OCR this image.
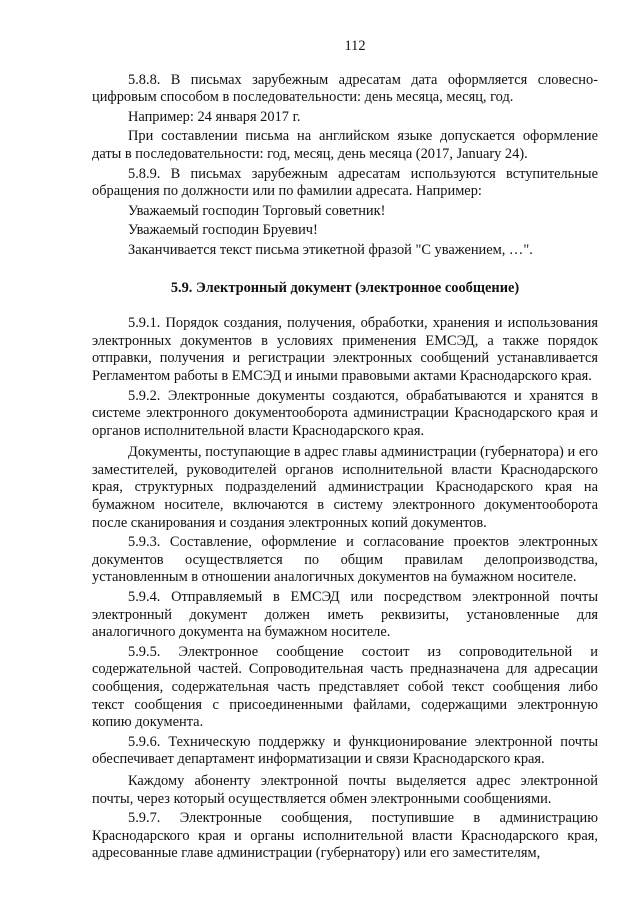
112

5.8.8. В письмах зарубежным адресатам дата оформляется словесно-цифровым способом в последовательности: день месяца, месяц, год.

Например: 24 января 2017 г.

При составлении письма на английском языке допускается оформление даты в последовательности: год, месяц, день месяца (2017, January 24).

5.8.9. В письмах зарубежным адресатам используются вступительные обращения по должности или по фамилии адресата. Например:

Уважаемый господин Торговый советник!

Уважаемый господин Бруевич!

Заканчивается текст письма этикетной фразой "С уважением, …".

5.9. Электронный документ (электронное сообщение)

5.9.1. Порядок создания, получения, обработки, хранения и использования электронных документов в условиях применения ЕМСЭД, а также порядок отправки, получения и регистрации электронных сообщений устанавливается Регламентом работы в ЕМСЭД и иными правовыми актами Краснодарского края.

5.9.2. Электронные документы создаются, обрабатываются и хранятся в системе электронного документооборота администрации Краснодарского края и органов исполнительной власти Краснодарского края.

Документы, поступающие в адрес главы администрации (губернатора) и его заместителей, руководителей органов исполнительной власти Краснодарского края, структурных подразделений администрации Краснодарского края на бумажном носителе, включаются в систему электронного документооборота после сканирования и создания электронных копий документов.

5.9.3. Составление, оформление и согласование проектов электронных документов осуществляется по общим правилам делопроизводства, установленным в отношении аналогичных документов на бумажном носителе.

5.9.4. Отправляемый в ЕМСЭД или посредством электронной почты электронный документ должен иметь реквизиты, установленные для аналогичного документа на бумажном носителе.

5.9.5. Электронное сообщение состоит из сопроводительной и содержательной частей. Сопроводительная часть предназначена для адресации сообщения, содержательная часть представляет собой текст сообщения либо текст сообщения с присоединенными файлами, содержащими электронную копию документа.

5.9.6. Техническую поддержку и функционирование электронной почты обеспечивает департамент информатизации и связи Краснодарского края.

Каждому абоненту электронной почты выделяется адрес электронной почты, через который осуществляется обмен электронными сообщениями.

5.9.7. Электронные сообщения, поступившие в администрацию Краснодарского края и органы исполнительной власти Краснодарского края, адресованные главе администрации (губернатору) или его заместителям,
